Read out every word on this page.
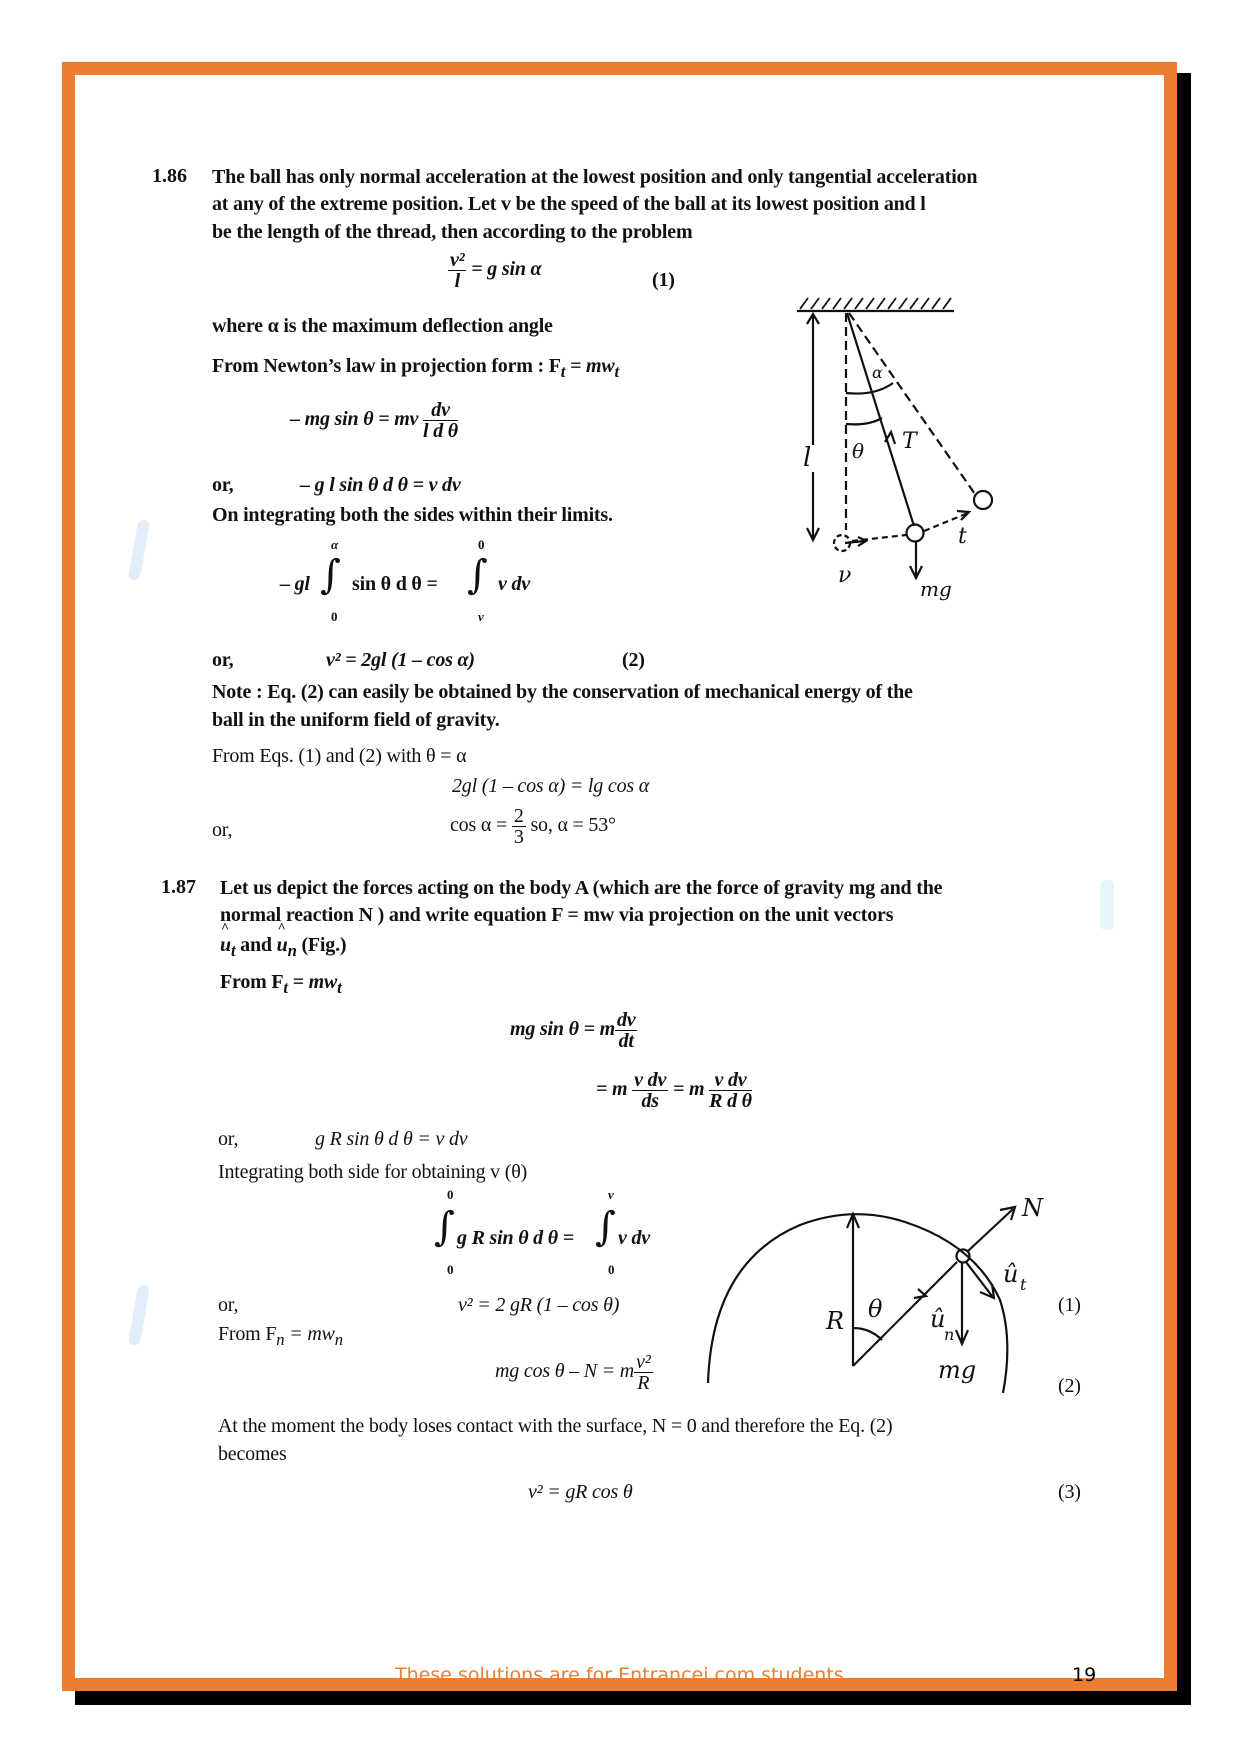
1.86 The ball has only normal acceleration at the lowest position and only tangential acceleration
at any of the extreme position. Let v be the speed of the ball at its lowest position and l
be the length of the thread, then according to the problem
$\frac{\text{v²}}{l} = g$ sin α	(1)
where α is the maximum deflection angle
From Newton’s law in projection form : $F_t = mw_t$
– mg sin θ = mv $\frac{dv}{\text{l d θ}}$
or,	– g l sin θ d θ = v dv
On integrating both the sides within their limits.
– gl ∫
α
0
sin θ d θ = ∫
0
v
v dv
or,	v² = 2gl (1 – cos α)	(2)
Note : Eq. (2) can easily be obtained by the conservation of mechanical energy of the
ball in the uniform field of gravity.
From Eqs. (1) and (2) with θ = α
2gl (1 – cos α) = lg cos α
or,	$\cos \alpha = \frac{2}{3}$ so, α = 53°
l
α
θ T
ν
t
mg
1.87 Let us depict the forces acting on the body A (which are the force of gravity mg and the
normal reaction N ) and write equation F = mw via projection on the unit vectors
^ $u_t$ and ^ $u_n$ (Fig.)
From $F_t = mw_t$
mg sin θ = m $\frac{dv}{dt}$
= m $\frac{\text{v dv}}{ds} = m \frac{\text{v dv}}{\text{R d θ}}$
or,	g R sin θ d θ = v dv
Integrating both side for obtaining v (θ)
0
∫
0
g R sin θ d θ =
v
∫
0
v dv
or,	v² = 2 gR (1 – cos θ)	(1)
From $F_n = mw_n$
mg cos θ – N = m $\frac{\text{v²}}{R}$	(2)
At the moment the body loses contact with the surface, N = 0 and therefore the Eq. (2)
becomes
v² = gR cos θ	(3)
R θ
N
û t
û
n
mg
These solutions are for Entrancei.com students	19
